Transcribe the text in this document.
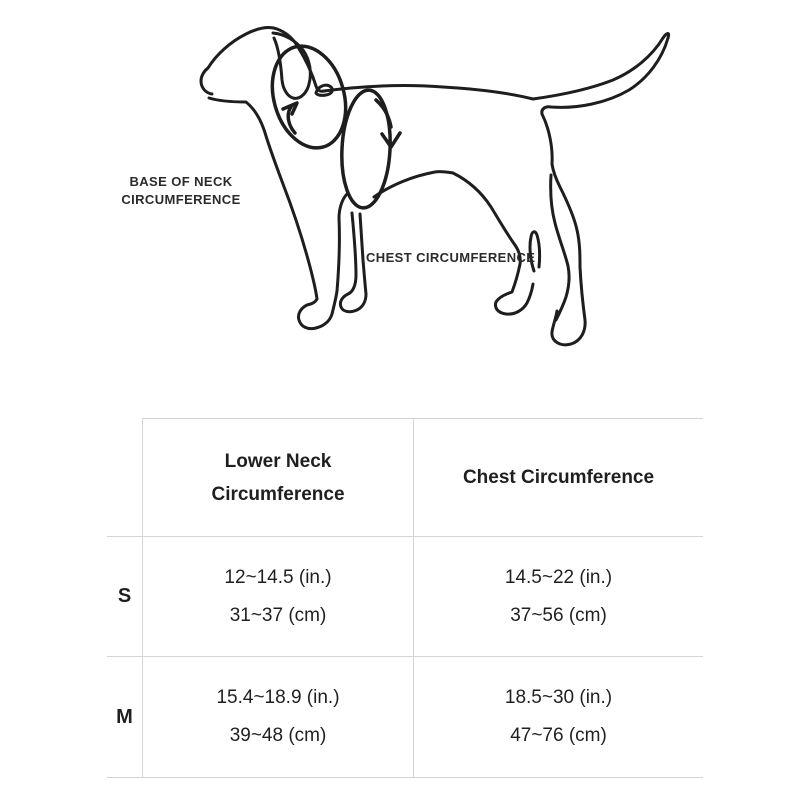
BASE OF NECK
CIRCUMFERENCE
CHEST CIRCUMFERENCE
Lower Neck
Circumference
Chest Circumference
S
12~14.5 (in.)
31~37 (cm)
14.5~22 (in.)
37~56 (cm)
M
15.4~18.9 (in.)
39~48 (cm)
18.5~30 (in.)
47~76 (cm)
